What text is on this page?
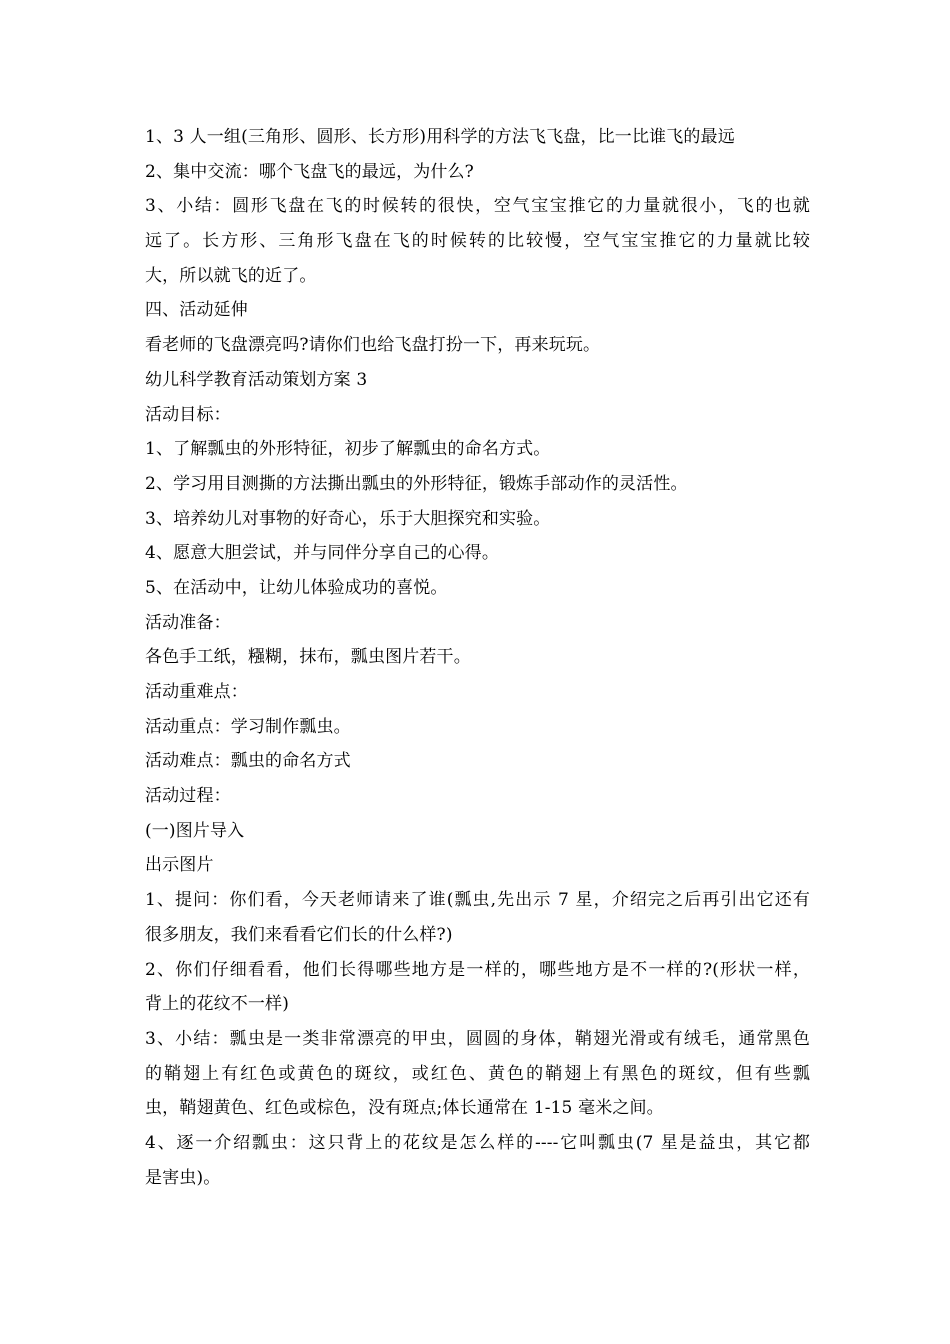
1、3 人一组(三角形、圆形、长方形)用科学的方法飞飞盘，比一比谁飞的最远
2、集中交流：哪个飞盘飞的最远，为什么?
3、小结：圆形飞盘在飞的时候转的很快，空气宝宝推它的力量就很小，飞的也就
远了。长方形、三角形飞盘在飞的时候转的比较慢，空气宝宝推它的力量就比较
大，所以就飞的近了。
四、活动延伸
看老师的飞盘漂亮吗?请你们也给飞盘打扮一下，再来玩玩。
幼儿科学教育活动策划方案 3
活动目标：
1、了解瓢虫的外形特征，初步了解瓢虫的命名方式。
2、学习用目测撕的方法撕出瓢虫的外形特征，锻炼手部动作的灵活性。
3、培养幼儿对事物的好奇心，乐于大胆探究和实验。
4、愿意大胆尝试，并与同伴分享自己的心得。
5、在活动中，让幼儿体验成功的喜悦。
活动准备：
各色手工纸，糨糊，抹布，瓢虫图片若干。
活动重难点：
活动重点：学习制作瓢虫。
活动难点：瓢虫的命名方式
活动过程：
(一)图片导入
出示图片
1、提问：你们看，今天老师请来了谁(瓢虫,先出示 7 星，介绍完之后再引出它还有
很多朋友，我们来看看它们长的什么样?)
2、你们仔细看看，他们长得哪些地方是一样的，哪些地方是不一样的?(形状一样，
背上的花纹不一样)
3、小结：瓢虫是一类非常漂亮的甲虫，圆圆的身体，鞘翅光滑或有绒毛，通常黑色
的鞘翅上有红色或黄色的斑纹，或红色、黄色的鞘翅上有黑色的斑纹，但有些瓢
虫，鞘翅黄色、红色或棕色，没有斑点;体长通常在 1-15 毫米之间。
4、逐一介绍瓢虫：这只背上的花纹是怎么样的----它叫瓢虫(7 星是益虫，其它都
是害虫)。
